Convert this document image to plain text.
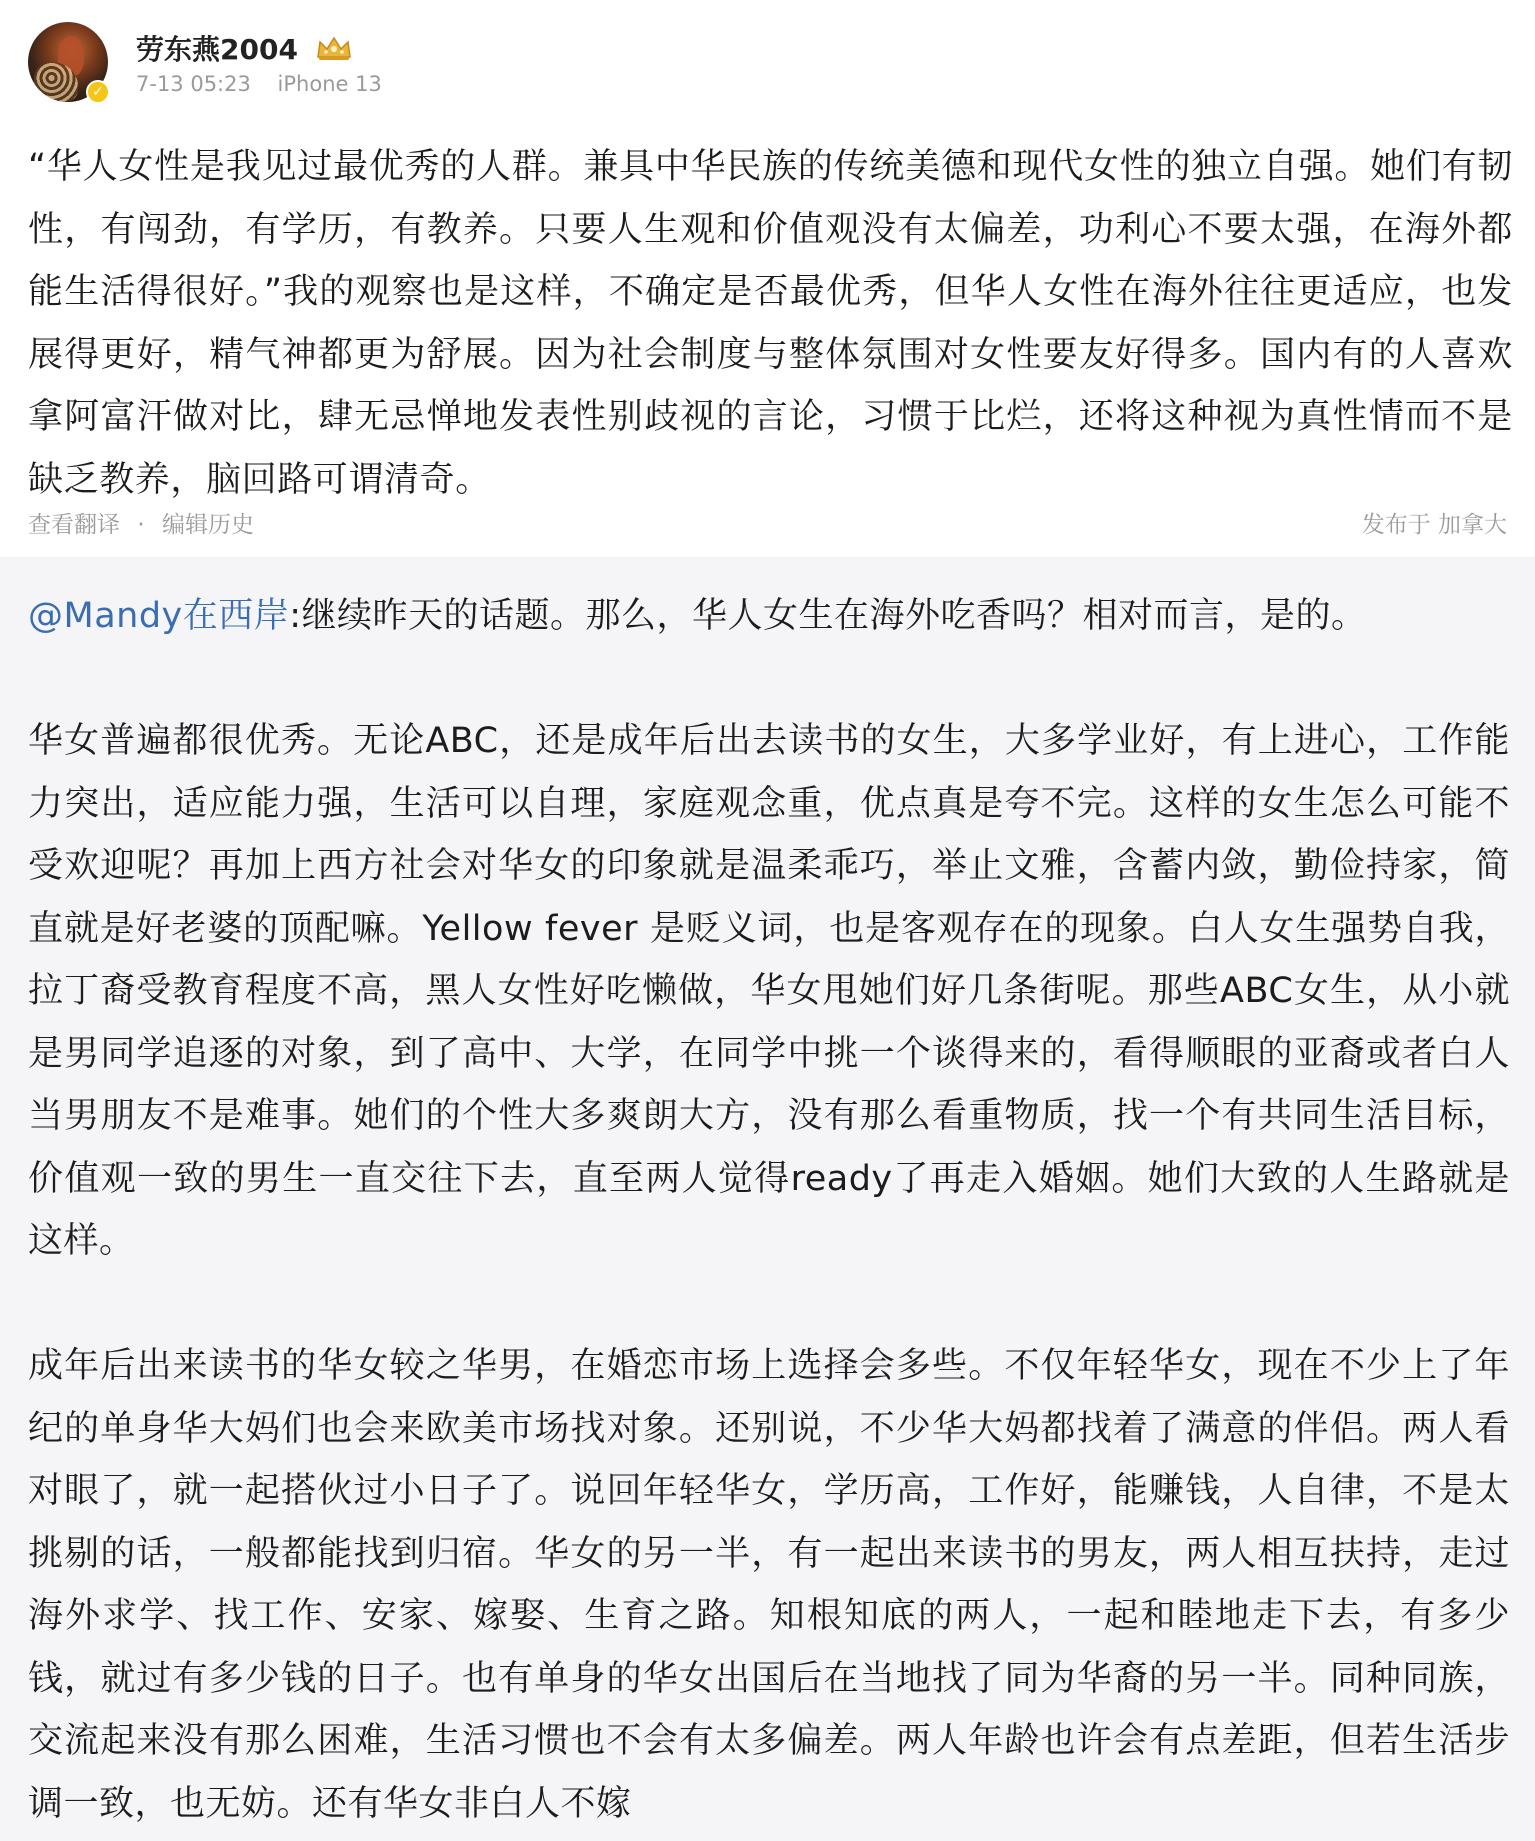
✓
劳东燕2004
7-13 05:23 iPhone 13
“华人女性是我见过最优秀的人群。兼具中华民族的传统美德和现代女性的独立自强。她们有韧性，有闯劲，有学历，有教养。只要人生观和价值观没有太偏差，功利心不要太强，在海外都能生活得很好。”我的观察也是这样，不确定是否最优秀，但华人女性在海外往往更适应，也发展得更好，精气神都更为舒展。因为社会制度与整体氛围对女性要友好得多。国内有的人喜欢拿阿富汗做对比，肆无忌惮地发表性别歧视的言论，习惯于比烂，还将这种视为真性情而不是缺乏教养，脑回路可谓清奇。
查看翻译 · 编辑历史	发布于 加拿大

@Mandy在西岸:继续昨天的话题。那么，华人女生在海外吃香吗？相对而言，是的。

华女普遍都很优秀。无论ABC，还是成年后出去读书的女生，大多学业好，有上进心，工作能力突出，适应能力强，生活可以自理，家庭观念重，优点真是夸不完。这样的女生怎么可能不受欢迎呢？再加上西方社会对华女的印象就是温柔乖巧，举止文雅，含蓄内敛，勤俭持家，简直就是好老婆的顶配嘛。Yellow fever 是贬义词，也是客观存在的现象。白人女生强势自我，拉丁裔受教育程度不高，黑人女性好吃懒做，华女甩她们好几条街呢。那些ABC女生，从小就是男同学追逐的对象，到了高中、大学，在同学中挑一个谈得来的，看得顺眼的亚裔或者白人当男朋友不是难事。她们的个性大多爽朗大方，没有那么看重物质，找一个有共同生活目标，价值观一致的男生一直交往下去，直至两人觉得ready了再走入婚姻。她们大致的人生路就是这样。

成年后出来读书的华女较之华男，在婚恋市场上选择会多些。不仅年轻华女，现在不少上了年纪的单身华大妈们也会来欧美市场找对象。还别说，不少华大妈都找着了满意的伴侣。两人看对眼了，就一起搭伙过小日子了。说回年轻华女，学历高，工作好，能赚钱，人自律，不是太挑剔的话，一般都能找到归宿。华女的另一半，有一起出来读书的男友，两人相互扶持，走过海外求学、找工作、安家、嫁娶、生育之路。知根知底的两人，一起和睦地走下去，有多少钱，就过有多少钱的日子。也有单身的华女出国后在当地找了同为华裔的另一半。同种同族，交流起来没有那么困难，生活习惯也不会有太多偏差。两人年龄也许会有点差距，但若生活步调一致，也无妨。还有华女非白人不嫁
